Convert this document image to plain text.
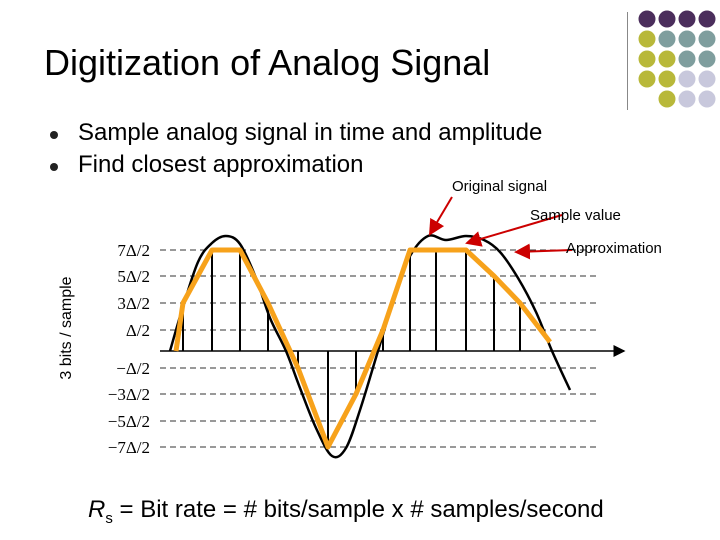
Digitization of Analog Signal
Sample analog signal in time and amplitude
Find closest approximation
7Δ/2
5Δ/2
3Δ/2
Δ/2
−Δ/2
−3Δ/2
−5Δ/2
−7Δ/2
Original signal
Sample value
Approximation
3 bits / sample
$R_s$ = Bit rate = # bits/sample x # samples/second
